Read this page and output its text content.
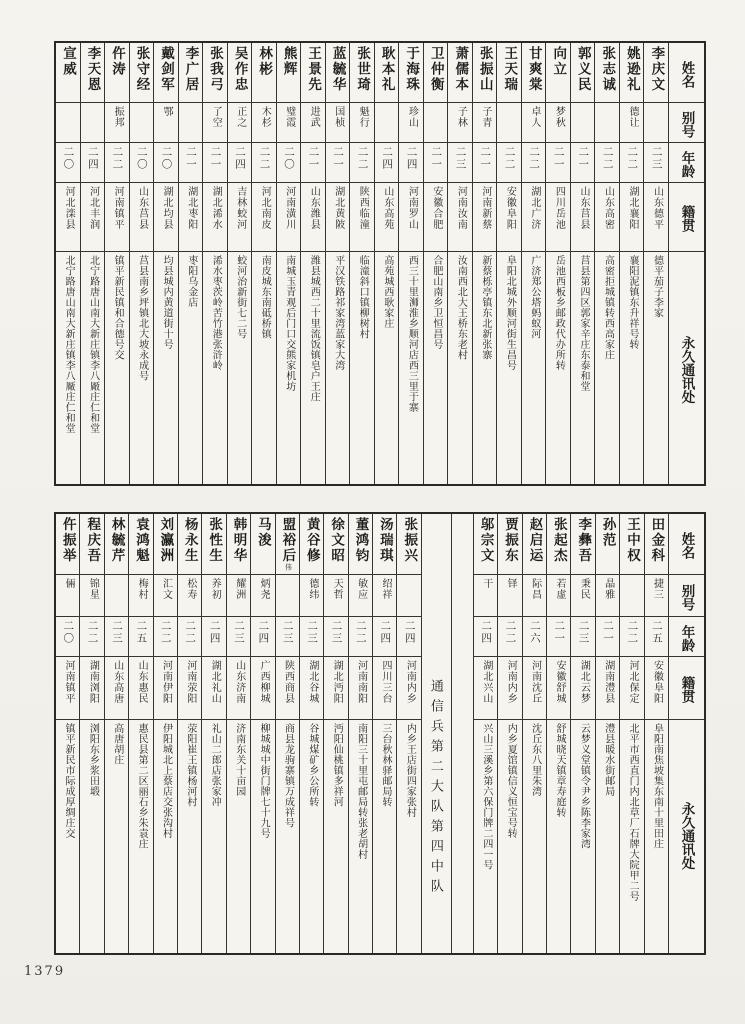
姓名
别号
年龄
籍贯
永久通讯处
李庆文
二三
山东德平
德平茄子李家
姚逊礼
德让
二二
湖北襄阳
襄阳泥镇东升祥号转
张志诚
二二
山东高密
高密拒城镇转西高家庄
郭义民
二一
山东莒县
莒县第四区郭家辛庄东泰和堂
向立
梦秋
二一
四川岳池
岳池西板乡邮政代办所转
甘爽棠
卓人
二二
湖北广济
广济郑公塔蚂蚁河
王天瑞
二二
安徽阜阳
阜阳北城外顺河街生昌号
张振山
子青
二一
河南新蔡
新蔡栎亭镇东北新张寨
萧儒本
子林
二三
河南汝南
汝南西北大王桥东老村
卫仲衡
二一
安徽合肥
合肥山南乡卫恒昌号
于海珠
珍山
二四
河南罗山
西三十里浉淮乡顺河店西三里于寨
耿本礼
二四
山东高苑
高苑城西耿家庄
张世琦
魁行
二二
陕西临潼
临潼斜口镇柳树村
蓝毓华
国桢
二一
湖北黄陂
平汉铁路祁家湾蓝家大湾
王景先
进武
二一
山东潍县
潍县城西二十里流饭镇皂户王庄
熊辉
璧霞
二〇
河南潢川
南城玉青观后门口交熊家机坊
林彬
木杉
二二
河北南皮
南皮城东南砥桥镇
吴作忠
正之
二四
吉林蛟河
蛟河治新街七二号
张我弓
了空
二一
湖北浠水
浠水枣茨岭苦竹港张浒岭
李广居
二一
湖北枣阳
枣阳乌金店
戴剑军
鄂
二〇
湖北均县
均县城内黄道街十号
张守经
二〇
山东莒县
莒县南乡坪镇北大坡永成号
仵涛
振邦
二二
河南镇平
镇平新民镇和合德号交
李天恩
二四
河北丰润
北宁路唐山南大新庄镇李八厰庄仁和堂
宣威
二〇
河北滦县
北宁路唐山南大新庄镇李八厰庄仁和堂
姓名
别号
年龄
籍贯
永久通讯处
田金科
捷三
二五
安徽阜阳
阜阳南焦坡集东南十里田庄
王中权
二二
河北保定
北平市西直门内北草厂石牌大院甲二号
孙范
晶雅
二一
湖南澧县
澧县暖水街邮局
李彝吾
秉民
二三
湖北云梦
云梦义堂镇令尹乡陈李家湾
张起杰
若虚
二一
安徽舒城
舒城晓天镇章寿庭转
赵启运
际昌
二六
河南沈丘
沈丘东八里朱湾
贾振东
铎
二二
河南内乡
内乡夏馆镇信义恒宝号转
邬宗文
干
二四
湖北兴山
兴山三溪乡第六保门牌二四一号
通信兵第二大队第四中队
张振兴
二四
河南内乡
内乡王店街四家张村
汤瑞琪
绍祥
二四
四川三台
三台秋林驿邮局转
董鸿钧
敏应
二二
河南南阳
南阳三十里屯邮局转张老胡村
徐文昭
天哲
二三
湖北沔阳
沔阳仙桃镇多祥河
黄谷修
德纬
二三
湖北谷城
谷城煤矿乡公所转
盟裕后伟
二三
陕西商县
商县龙驹寨镇万成祥号
马浚
炳尧
二四
广西柳城
柳城城中街门牌七十九号
韩明华
耀洲
二三
山东济南
济南东关十亩园
张性生
养初
二四
湖北礼山
礼山二郎店张家冲
杨永生
松寿
二二
河南荥阳
荥阳崔王镇杨河村
刘瀛洲
汇文
二二
河南伊阳
伊阳城北上蔡店交张沟村
袁鸿魁
梅村
二五
山东惠民
惠民县第二区丽石乡朱袁庄
林毓芹
二三
山东高唐
高唐胡庄
程庆吾
锦星
二二
湖南浏阳
浏阳东乡浆田塅
仵振举
倆
二〇
河南镇平
镇平新民市际成厚绸庄交
1379
